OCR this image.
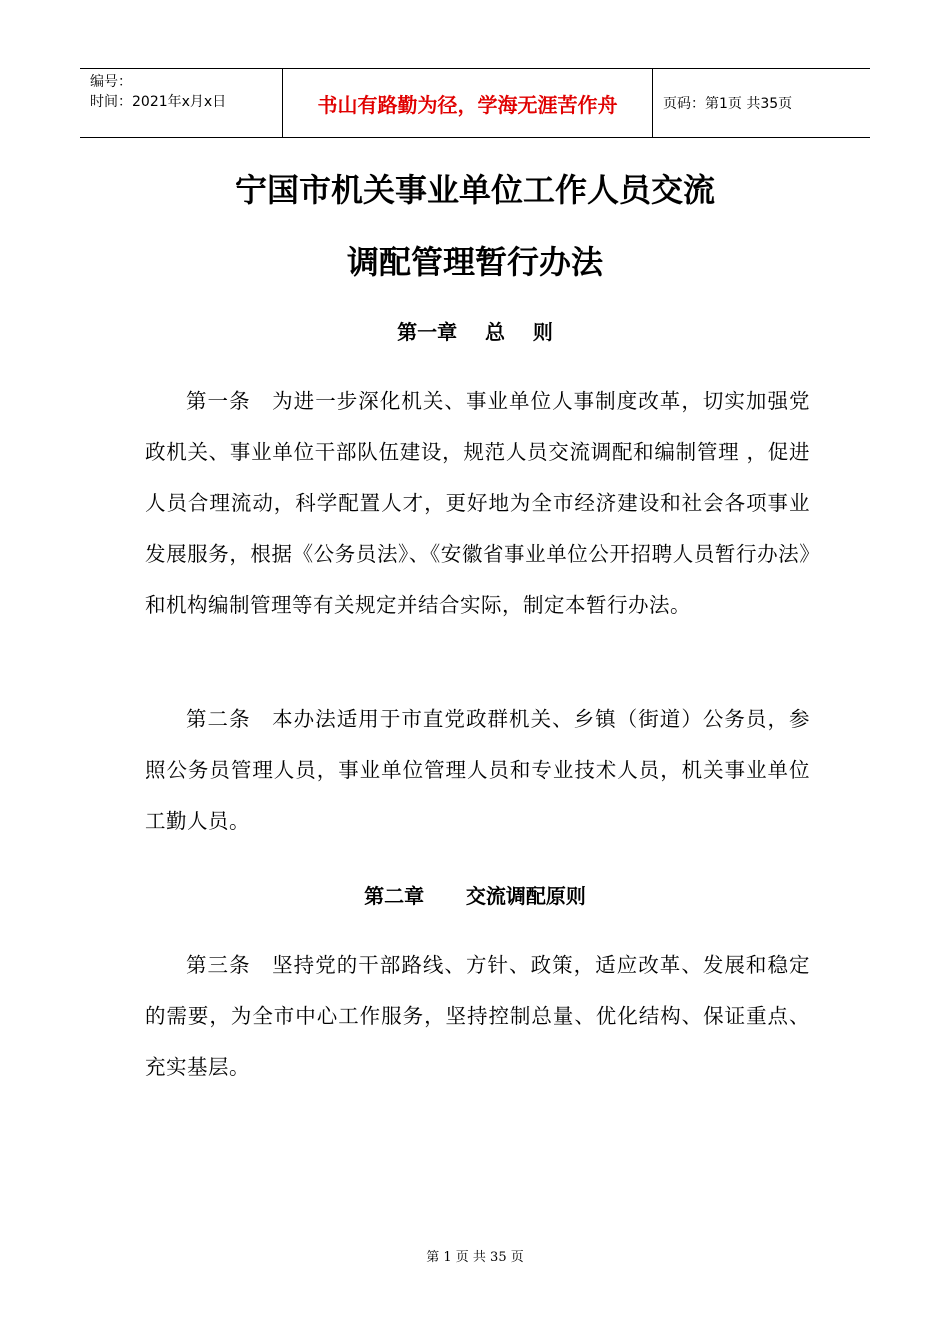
编号：
时间：2021年x月x日	书山有路勤为径，学海无涯苦作舟	页码：第1页 共35页
宁国市机关事业单位工作人员交流
调配管理暂行办法
第一章    总    则
第一条　为进一步深化机关、事业单位人事制度改革，切实加强党政机关、事业单位干部队伍建设，规范人员交流调配和编制管理 ，促进人员合理流动，科学配置人才，更好地为全市经济建设和社会各项事业发展服务，根据《公务员法》、《安徽省事业单位公开招聘人员暂行办法》和机构编制管理等有关规定并结合实际，制定本暂行办法。
第二条　本办法适用于市直党政群机关、乡镇（街道）公务员，参照公务员管理人员，事业单位管理人员和专业技术人员，机关事业单位工勤人员。
第二章      交流调配原则
第三条　坚持党的干部路线、方针、政策，适应改革、发展和稳定的需要，为全市中心工作服务，坚持控制总量、优化结构、保证重点、充实基层。
第 1 页 共 35 页
